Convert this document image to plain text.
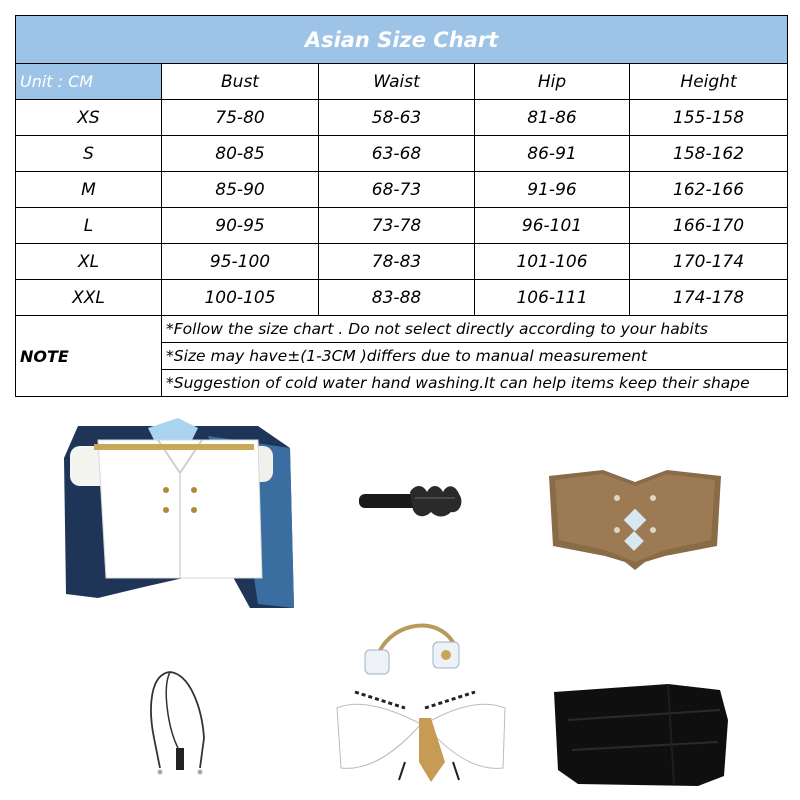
Asian Size Chart				
Unit : CM	Bust	Waist	Hip	Height
XS	75-80	58-63	81-86	155-158
S	80-85	63-68	86-91	158-162
M	85-90	68-73	91-96	162-166
L	90-95	73-78	96-101	166-170
XL	95-100	78-83	101-106	170-174
XXL	100-105	83-88	106-111	174-178
NOTE	*Follow the size chart . Do not select directly according to your habits			
	*Size may have±(1-3CM )differs due to manual measurement			
	*Suggestion of cold water hand washing.It can help items keep their shape			
